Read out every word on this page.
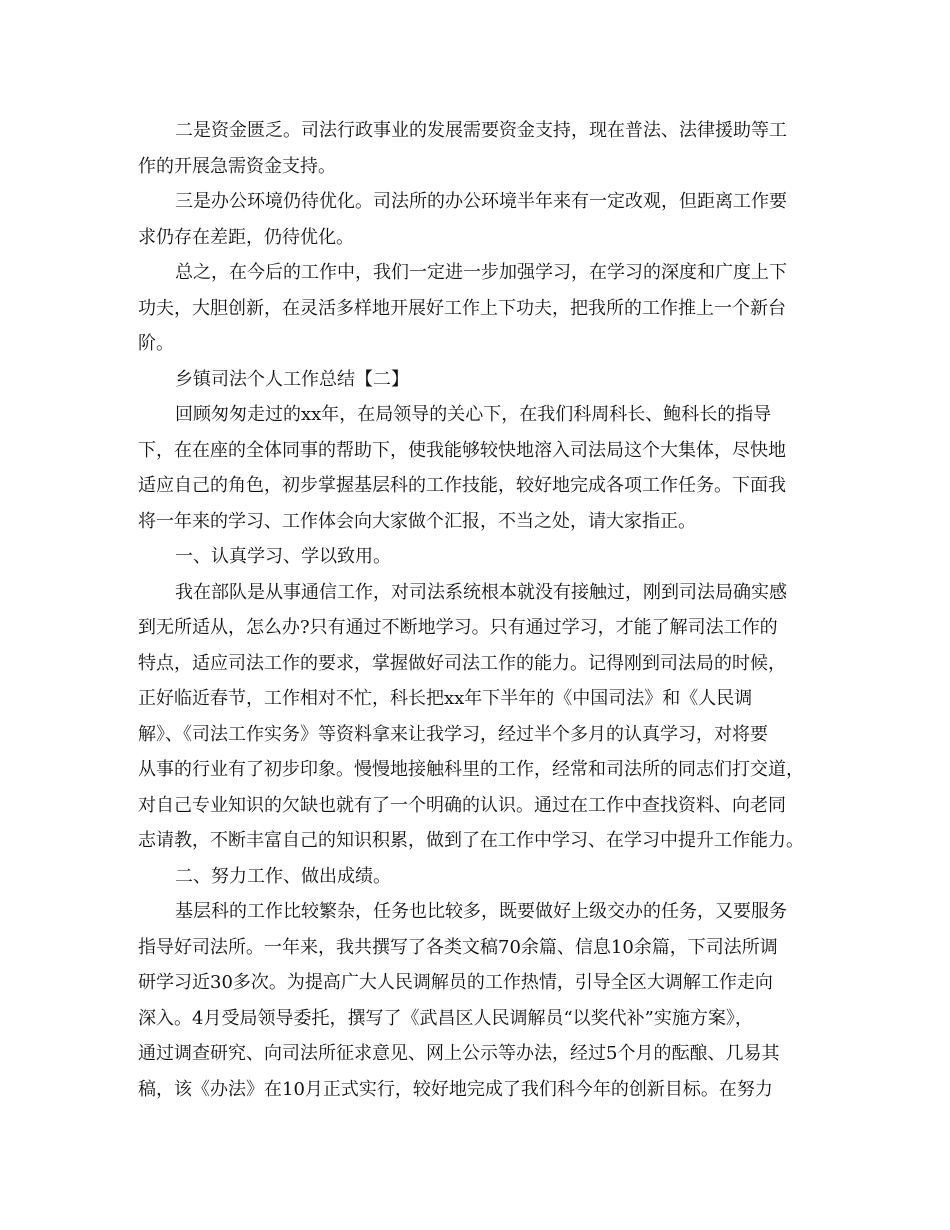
二是资金匮乏。司法行政事业的发展需要资金支持，现在普法、法律援助等工
作的开展急需资金支持。
三是办公环境仍待优化。司法所的办公环境半年来有一定改观，但距离工作要
求仍存在差距，仍待优化。
总之，在今后的工作中，我们一定进一步加强学习，在学习的深度和广度上下
功夫，大胆创新，在灵活多样地开展好工作上下功夫，把我所的工作推上一个新台
阶。
乡镇司法个人工作总结【二】
回顾匆匆走过的xx年，在局领导的关心下，在我们科周科长、鲍科长的指导
下，在在座的全体同事的帮助下，使我能够较快地溶入司法局这个大集体，尽快地
适应自己的角色，初步掌握基层科的工作技能，较好地完成各项工作任务。下面我
将一年来的学习、工作体会向大家做个汇报，不当之处，请大家指正。
一、认真学习、学以致用。
我在部队是从事通信工作，对司法系统根本就没有接触过，刚到司法局确实感
到无所适从，怎么办?只有通过不断地学习。只有通过学习，才能了解司法工作的
特点，适应司法工作的要求，掌握做好司法工作的能力。记得刚到司法局的时候，
正好临近春节，工作相对不忙，科长把xx年下半年的《中国司法》和《人民调
解》、《司法工作实务》等资料拿来让我学习，经过半个多月的认真学习，对将要
从事的行业有了初步印象。慢慢地接触科里的工作，经常和司法所的同志们打交道，
对自己专业知识的欠缺也就有了一个明确的认识。通过在工作中查找资料、向老同
志请教，不断丰富自己的知识积累，做到了在工作中学习、在学习中提升工作能力。
二、努力工作、做出成绩。
基层科的工作比较繁杂，任务也比较多，既要做好上级交办的任务，又要服务
指导好司法所。一年来，我共撰写了各类文稿70余篇、信息10余篇，下司法所调
研学习近30多次。为提高广大人民调解员的工作热情，引导全区大调解工作走向
深入。4月受局领导委托，撰写了《武昌区人民调解员“以奖代补”实施方案》，
通过调查研究、向司法所征求意见、网上公示等办法，经过5个月的酝酿、几易其
稿，该《办法》在10月正式实行，较好地完成了我们科今年的创新目标。在努力
